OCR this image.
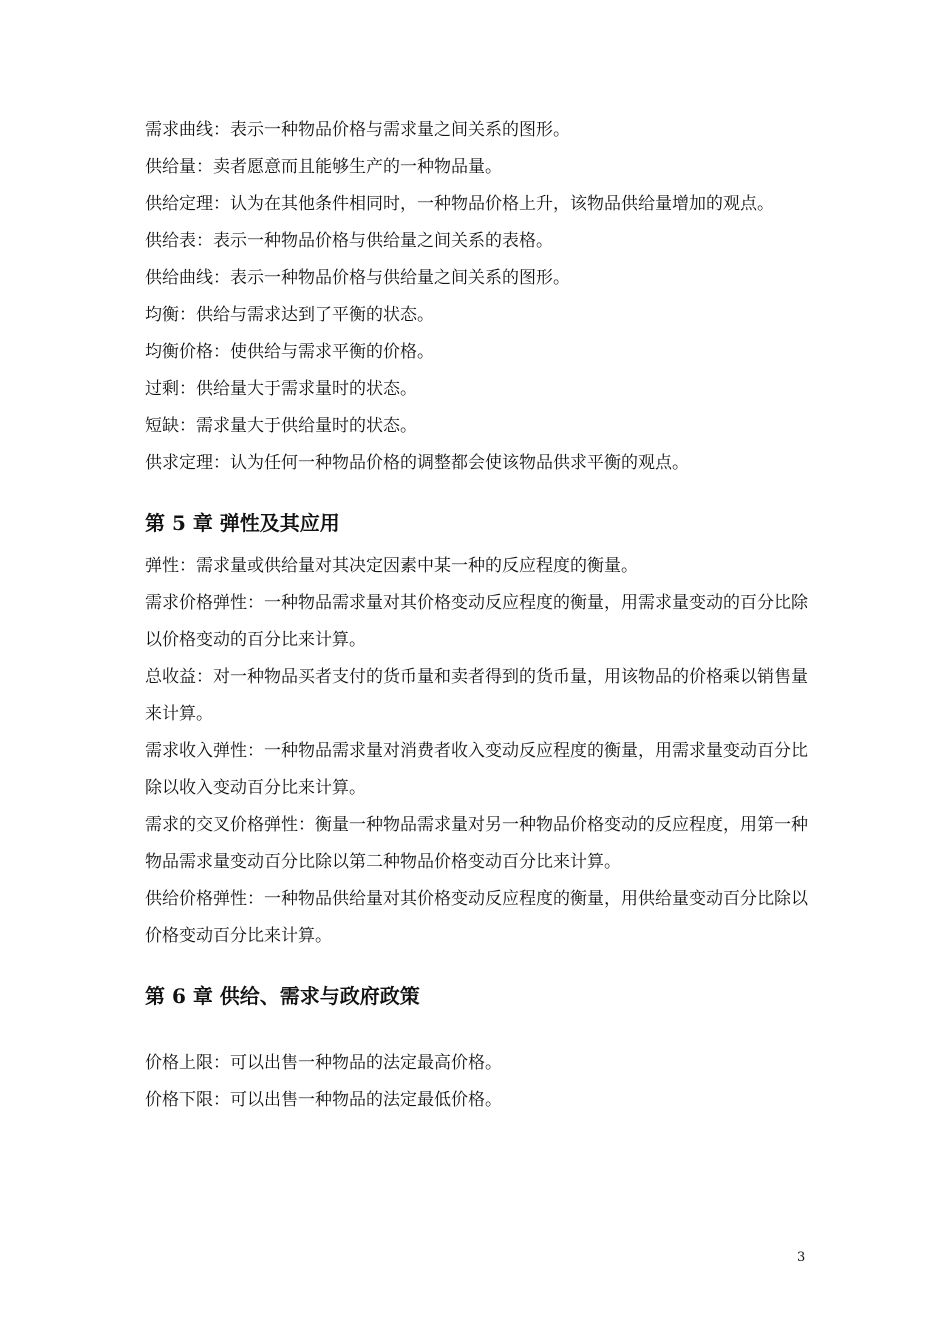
需求曲线：表示一种物品价格与需求量之间关系的图形。

供给量：卖者愿意而且能够生产的一种物品量。

供给定理：认为在其他条件相同时，一种物品价格上升，该物品供给量增加的观点。

供给表：表示一种物品价格与供给量之间关系的表格。

供给曲线：表示一种物品价格与供给量之间关系的图形。

均衡：供给与需求达到了平衡的状态。

均衡价格：使供给与需求平衡的价格。

过剩：供给量大于需求量时的状态。

短缺：需求量大于供给量时的状态。

供求定理：认为任何一种物品价格的调整都会使该物品供求平衡的观点。

第 5 章 弹性及其应用

弹性：需求量或供给量对其决定因素中某一种的反应程度的衡量。

需求价格弹性：一种物品需求量对其价格变动反应程度的衡量，用需求量变动的百分比除以价格变动的百分比来计算。

总收益：对一种物品买者支付的货币量和卖者得到的货币量，用该物品的价格乘以销售量来计算。

需求收入弹性：一种物品需求量对消费者收入变动反应程度的衡量，用需求量变动百分比除以收入变动百分比来计算。

需求的交叉价格弹性：衡量一种物品需求量对另一种物品价格变动的反应程度，用第一种物品需求量变动百分比除以第二种物品价格变动百分比来计算。

供给价格弹性：一种物品供给量对其价格变动反应程度的衡量，用供给量变动百分比除以价格变动百分比来计算。

第 6 章 供给、需求与政府政策

价格上限：可以出售一种物品的法定最高价格。

价格下限：可以出售一种物品的法定最低价格。

3
